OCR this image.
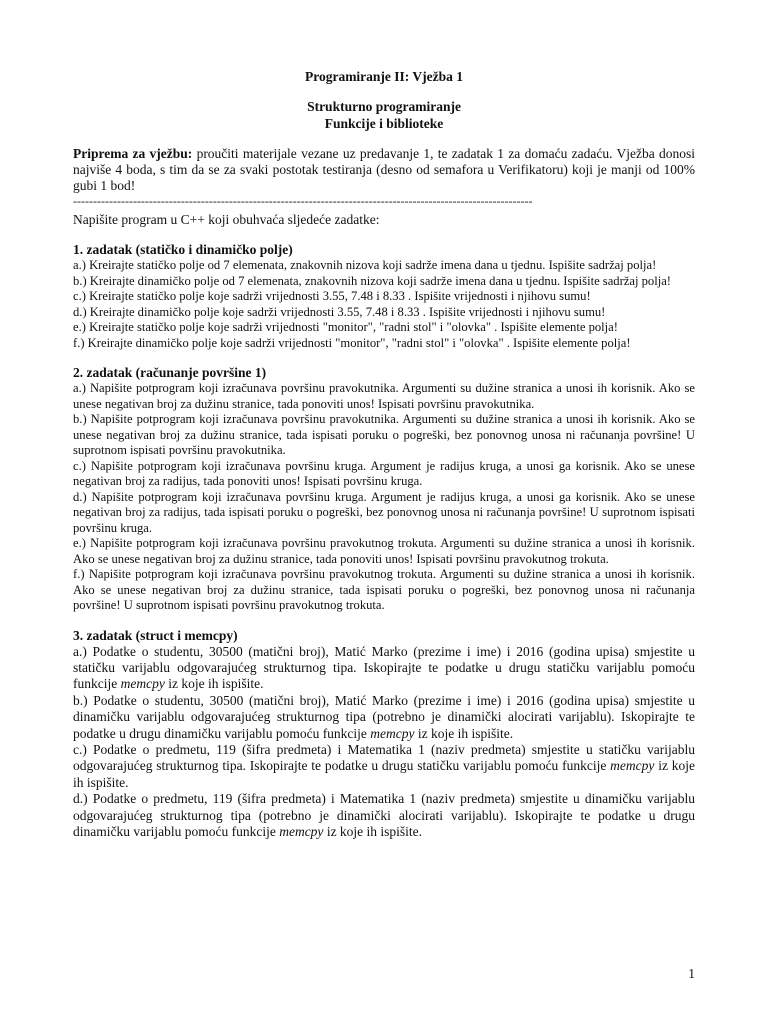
Programiranje II: Vježba 1

Strukturno programiranje

Funkcije i biblioteke

Priprema za vježbu: proučiti materijale vezane uz predavanje 1, te zadatak 1 za domaću zadaću. Vježba donosi najviše 4 boda, s tim da se za svaki postotak testiranja (desno od semafora u Verifikatoru) koji je manji od 100% gubi 1 bod!
-------------------------------------------------------------------------------------------------------------------
Napišite program u C++ koji obuhvaća sljedeće zadatke:
1. zadatak (statičko i dinamičko polje)
a.) Kreirajte statičko polje od 7 elemenata, znakovnih nizova koji sadrže imena dana u tjednu. Ispišite sadržaj polja!
b.) Kreirajte dinamičko polje od 7 elemenata, znakovnih nizova koji sadrže imena dana u tjednu. Ispišite sadržaj polja!
c.) Kreirajte statičko polje koje sadrži vrijednosti 3.55, 7.48 i 8.33 . Ispišite vrijednosti i njihovu sumu!
d.) Kreirajte dinamičko polje koje sadrži vrijednosti 3.55, 7.48 i 8.33 . Ispišite vrijednosti i njihovu sumu!
e.) Kreirajte statičko polje koje sadrži vrijednosti "monitor", "radni stol" i "olovka" . Ispišite elemente polja!
f.) Kreirajte dinamičko polje koje sadrži vrijednosti "monitor", "radni stol" i "olovka" . Ispišite elemente polja!
2. zadatak (računanje površine 1)
a.) Napišite potprogram koji izračunava površinu pravokutnika. Argumenti su dužine stranica a unosi ih korisnik. Ako se unese negativan broj za dužinu stranice, tada ponoviti unos! Ispisati površinu pravokutnika.
b.) Napišite potprogram koji izračunava površinu pravokutnika. Argumenti su dužine stranica a unosi ih korisnik. Ako se unese negativan broj za dužinu stranice, tada ispisati poruku o pogreški, bez ponovnog unosa ni računanja površine! U suprotnom ispisati površinu pravokutnika.
c.) Napišite potprogram koji izračunava površinu kruga. Argument je radijus kruga, a unosi ga korisnik. Ako se unese negativan broj za radijus, tada ponoviti unos! Ispisati površinu kruga.
d.) Napišite potprogram koji izračunava površinu kruga. Argument je radijus kruga, a unosi ga korisnik. Ako se unese negativan broj za radijus, tada ispisati poruku o pogreški, bez ponovnog unosa ni računanja površine! U suprotnom ispisati površinu kruga.
e.) Napišite potprogram koji izračunava površinu pravokutnog trokuta. Argumenti su dužine stranica a unosi ih korisnik. Ako se unese negativan broj za dužinu stranice, tada ponoviti unos! Ispisati površinu pravokutnog trokuta.
f.) Napišite potprogram koji izračunava površinu pravokutnog trokuta. Argumenti su dužine stranica a unosi ih korisnik. Ako se unese negativan broj za dužinu stranice, tada ispisati poruku o pogreški, bez ponovnog unosa ni računanja površine! U suprotnom ispisati površinu pravokutnog trokuta.
3. zadatak (struct i memcpy)
a.) Podatke o studentu, 30500 (matični broj), Matić Marko (prezime i ime) i 2016 (godina upisa) smjestite u statičku varijablu odgovarajućeg strukturnog tipa. Iskopirajte te podatke u drugu statičku varijablu pomoću funkcije memcpy iz koje ih ispišite.
b.) Podatke o studentu, 30500 (matični broj), Matić Marko (prezime i ime) i 2016 (godina upisa) smjestite u dinamičku varijablu odgovarajućeg strukturnog tipa (potrebno je dinamički alocirati varijablu). Iskopirajte te podatke u drugu dinamičku varijablu pomoću funkcije memcpy iz koje ih ispišite.
c.) Podatke o predmetu, 119 (šifra predmeta) i Matematika 1 (naziv predmeta) smjestite u statičku varijablu odgovarajućeg strukturnog tipa. Iskopirajte te podatke u drugu statičku varijablu pomoću funkcije memcpy iz koje ih ispišite.
d.) Podatke o predmetu, 119 (šifra predmeta) i Matematika 1 (naziv predmeta) smjestite u dinamičku varijablu odgovarajućeg strukturnog tipa (potrebno je dinamički alocirati varijablu). Iskopirajte te podatke u drugu dinamičku varijablu pomoću funkcije memcpy iz koje ih ispišite.
1
